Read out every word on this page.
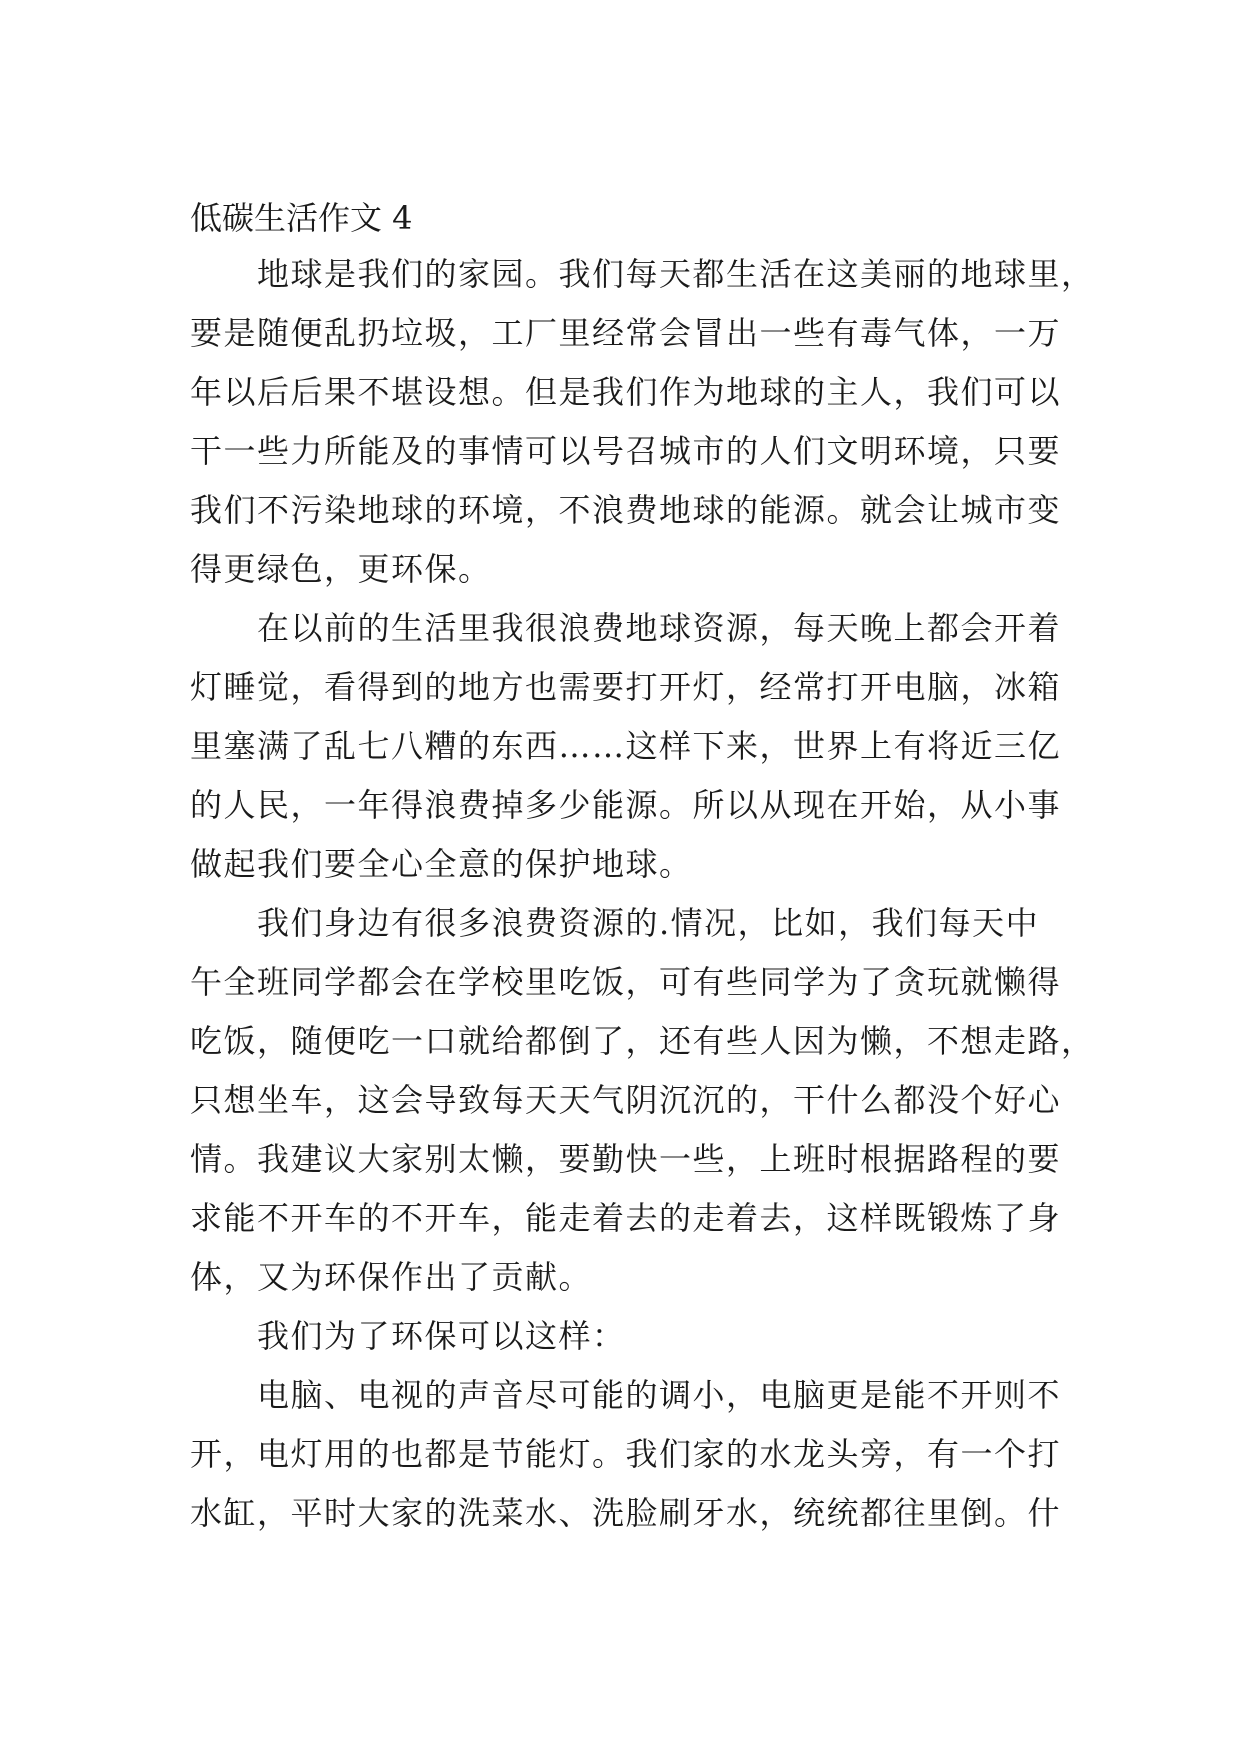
低碳生活作文 4
　　地球是我们的家园。我们每天都生活在这美丽的地球里，
要是随便乱扔垃圾，工厂里经常会冒出一些有毒气体，一万
年以后后果不堪设想。但是我们作为地球的主人，我们可以
干一些力所能及的事情可以号召城市的人们文明环境，只要
我们不污染地球的环境，不浪费地球的能源。就会让城市变
得更绿色，更环保。
　　在以前的生活里我很浪费地球资源，每天晚上都会开着
灯睡觉，看得到的地方也需要打开灯，经常打开电脑，冰箱
里塞满了乱七八糟的东西……这样下来，世界上有将近三亿
的人民，一年得浪费掉多少能源。所以从现在开始，从小事
做起我们要全心全意的保护地球。
　　我们身边有很多浪费资源的.情况，比如，我们每天中
午全班同学都会在学校里吃饭，可有些同学为了贪玩就懒得
吃饭，随便吃一口就给都倒了，还有些人因为懒，不想走路，
只想坐车，这会导致每天天气阴沉沉的，干什么都没个好心
情。我建议大家别太懒，要勤快一些，上班时根据路程的要
求能不开车的不开车，能走着去的走着去，这样既锻炼了身
体，又为环保作出了贡献。
　　我们为了环保可以这样：
　　电脑、电视的声音尽可能的调小，电脑更是能不开则不
开，电灯用的也都是节能灯。我们家的水龙头旁，有一个打
水缸，平时大家的洗菜水、洗脸刷牙水，统统都往里倒。什
